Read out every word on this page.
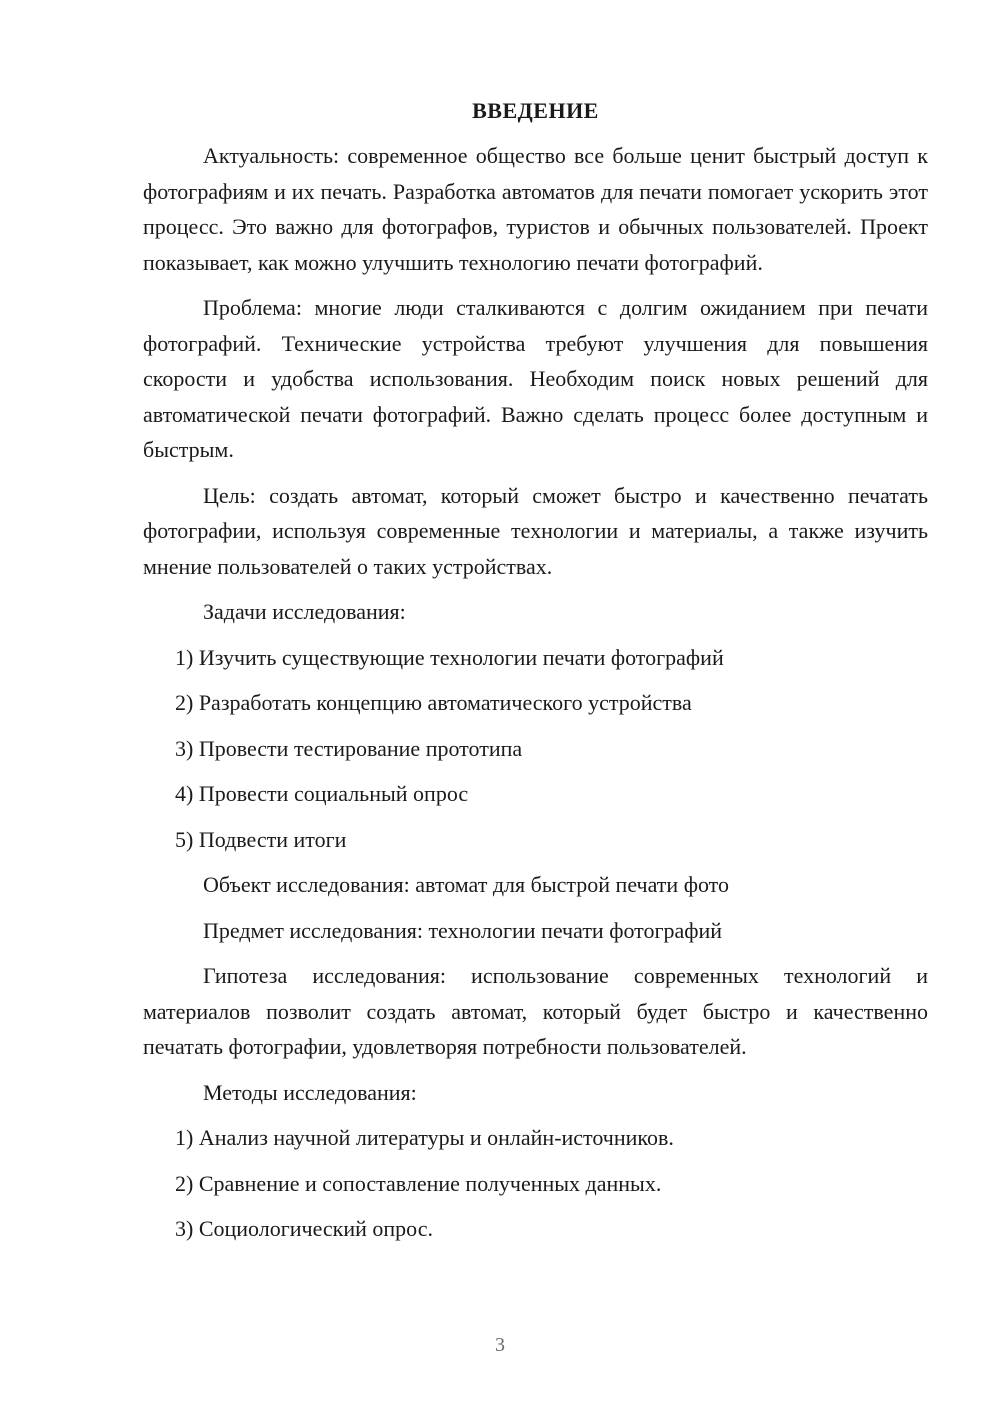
ВВЕДЕНИЕ

Актуальность: современное общество все больше ценит быстрый доступ к фотографиям и их печать. Разработка автоматов для печати помогает ускорить этот процесс. Это важно для фотографов, туристов и обычных пользователей. Проект показывает, как можно улучшить технологию печати фотографий.

Проблема: многие люди сталкиваются с долгим ожиданием при печати фотографий. Технические устройства требуют улучшения для повышения скорости и удобства использования. Необходим поиск новых решений для автоматической печати фотографий. Важно сделать процесс более доступным и быстрым.

Цель: создать автомат, который сможет быстро и качественно печатать фотографии, используя современные технологии и материалы, а также изучить мнение пользователей о таких устройствах.

Задачи исследования:
1) Изучить существующие технологии печати фотографий
2) Разработать концепцию автоматического устройства
3) Провести тестирование прототипа
4) Провести социальный опрос
5) Подвести итоги
Объект исследования: автомат для быстрой печати фото
Предмет исследования: технологии печати фотографий

Гипотеза исследования: использование современных технологий и материалов позволит создать автомат, который будет быстро и качественно печатать фотографии, удовлетворяя потребности пользователей.

Методы исследования:
1) Анализ научной литературы и онлайн-источников.
2) Сравнение и сопоставление полученных данных.
3) Социологический опрос.
3
